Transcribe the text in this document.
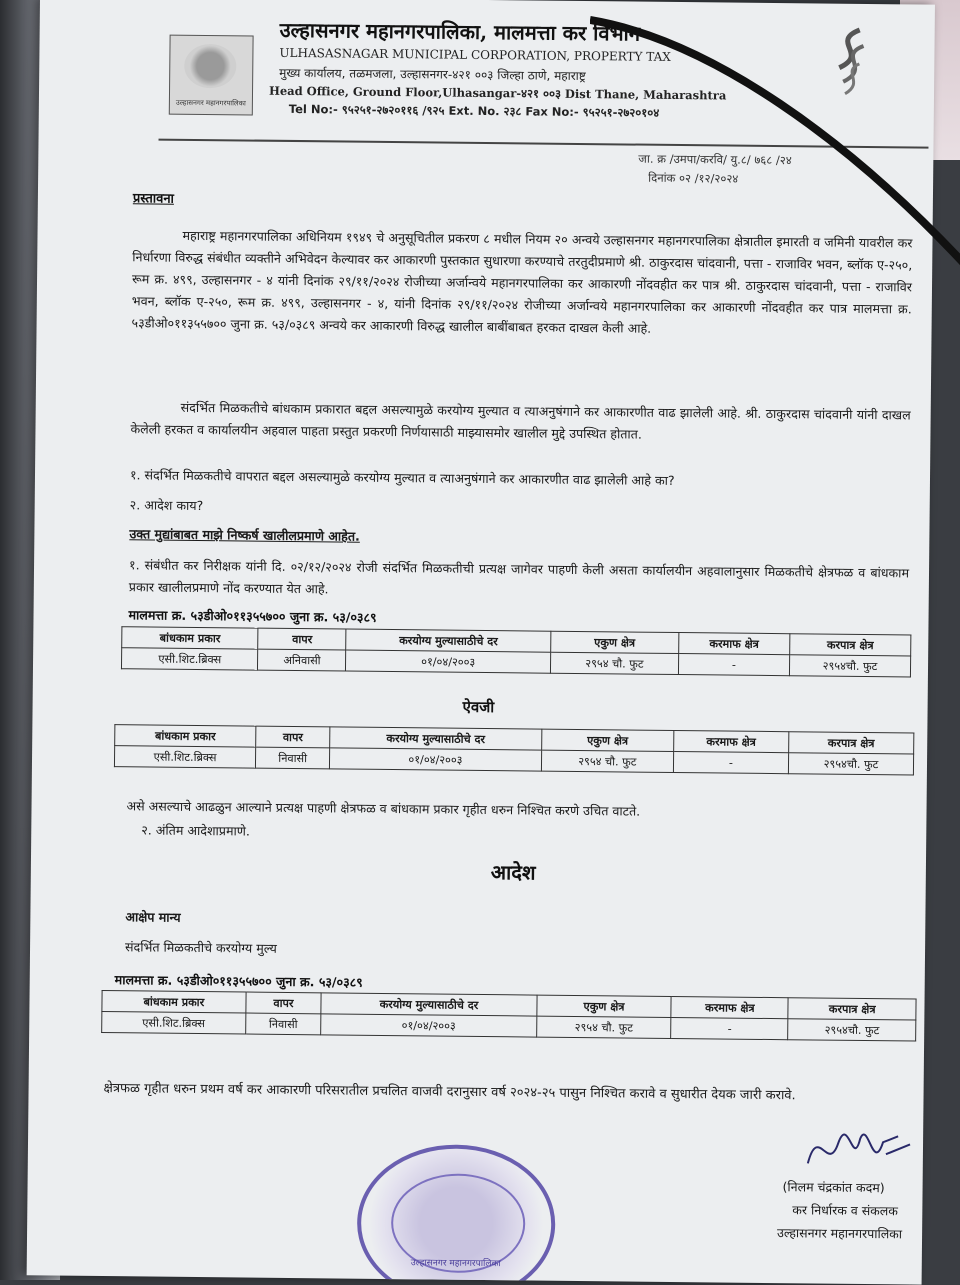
उल्हासनगर महानगरपालिका
उल्हासनगर महानगरपालिका, मालमत्ता कर विभाग
ULHASASNAGAR MUNICIPAL CORPORATION, PROPERTY TAX
मुख्य कार्यालय, तळमजला, उल्हासनगर-४२१ ००३ जिल्हा ठाणे, महाराष्ट्र
Head Office, Ground Floor,Ulhasangar-४२१ ००३ Dist Thane, Maharashtra
Tel No:- ९५२५१-२७२०११६ /९२५ Ext. No. २३८ Fax No:- ९५२५१-२७२०१०४
जा. क्र /उमपा/करवि/ यु.८/ ७६८ /२४
दिनांक ०२ /१२/२०२४
प्रस्तावना
महाराष्ट्र महानगरपालिका अधिनियम १९४९ चे अनुसूचितील प्रकरण ८ मधील नियम २० अन्वये उल्हासनगर महानगरपालिका क्षेत्रातील इमारती व जमिनी यावरील कर निर्धारणा विरुद्ध संबंधीत व्यक्तीने अभिवेदन केल्यावर कर आकारणी पुस्तकात सुधारणा करण्याचे तरतुदीप्रमाणे श्री. ठाकुरदास चांदवानी, पत्ता - राजाविर भवन, ब्लॉक ए-२५०, रूम क्र. ४९९, उल्हासनगर - ४ यांनी दिनांक २९/११/२०२४ रोजीच्या अर्जान्वये महानगरपालिका कर आकारणी नोंदवहीत कर पात्र श्री. ठाकुरदास चांदवानी, पत्ता - राजाविर भवन, ब्लॉक ए-२५०, रूम क्र. ४९९, उल्हासनगर - ४, यांनी दिनांक २९/११/२०२४ रोजीच्या अर्जान्वये महानगरपालिका कर आकारणी नोंदवहीत कर पात्र मालमत्ता क्र. ५३डीओ०११३५५७०० जुना क्र. ५३/०३८९ अन्वये कर आकारणी विरुद्ध खालील बाबींबाबत हरकत दाखल केली आहे.
संदर्भित मिळकतीचे बांधकाम प्रकारात बद्दल असल्यामुळे करयोग्य मुल्यात व त्याअनुषंगाने कर आकारणीत वाढ झालेली आहे. श्री. ठाकुरदास चांदवानी यांनी दाखल केलेली हरकत व कार्यालयीन अहवाल पाहता प्रस्तुत प्रकरणी निर्णयासाठी माझ्यासमोर खालील मुद्दे उपस्थित होतात.
१. संदर्भित मिळकतीचे वापरात बद्दल असल्यामुळे करयोग्य मुल्यात व त्याअनुषंगाने कर आकारणीत वाढ झालेली आहे का?
२. आदेश काय?
उक्त मुद्यांबाबत माझे निष्कर्ष खालीलप्रमाणे आहेत.
१. संबंधीत कर निरीक्षक यांनी दि. ०२/१२/२०२४ रोजी संदर्भित मिळकतीची प्रत्यक्ष जागेवर पाहणी केली असता कार्यालयीन अहवालानुसार मिळकतीचे क्षेत्रफळ व बांधकाम प्रकार खालीलप्रमाणे नोंद करण्यात येत आहे.
मालमत्ता क्र. ५३डीओ०११३५५७०० जुना क्र. ५३/०३८९
बांधकाम प्रकार	वापर	करयोग्य मुल्यासाठीचे दर	एकुण क्षेत्र	करमाफ क्षेत्र	करपात्र क्षेत्र
एसी.शिट.ब्रिक्स	अनिवासी	०१/०४/२००३	२९५४ चौ. फुट	-	२९५४चौ. फुट
ऐवजी
बांधकाम प्रकार	वापर	करयोग्य मुल्यासाठीचे दर	एकुण क्षेत्र	करमाफ क्षेत्र	करपात्र क्षेत्र
एसी.शिट.ब्रिक्स	निवासी	०१/०४/२००३	२९५४ चौ. फुट	-	२९५४चौ. फुट
असे असल्याचे आढळुन आल्याने प्रत्यक्ष पाहणी क्षेत्रफळ व बांधकाम प्रकार गृहीत धरुन निश्चित करणे उचित वाटते.
२. अंतिम आदेशाप्रमाणे.
आदेश
आक्षेप मान्य
संदर्भित मिळकतीचे करयोग्य मुल्य
मालमत्ता क्र. ५३डीओ०११३५५७०० जुना क्र. ५३/०३८९
बांधकाम प्रकार	वापर	करयोग्य मुल्यासाठीचे दर	एकुण क्षेत्र	करमाफ क्षेत्र	करपात्र क्षेत्र
एसी.शिट.ब्रिक्स	निवासी	०१/०४/२००३	२९५४ चौ. फुट	-	२९५४चौ. फुट
क्षेत्रफळ गृहीत धरुन प्रथम वर्ष कर आकारणी परिसरातील प्रचलित वाजवी दरानुसार वर्ष २०२४-२५ पासुन निश्चित करावे व सुधारीत देयक जारी करावे.
उल्हासनगर महानगरपालिका
(निलम चंद्रकांत कदम)
कर निर्धारक व संकलक
उल्हासनगर महानगरपालिका
